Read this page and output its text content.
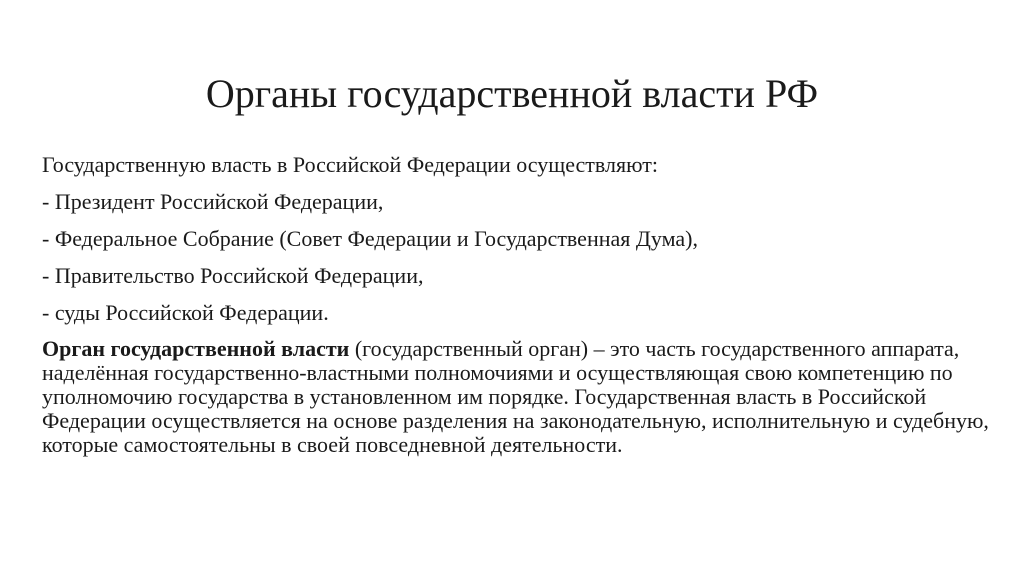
Органы государственной власти РФ
Государственную власть в Российской Федерации осуществляют:
- Президент Российской Федерации,
- Федеральное Собрание (Совет Федерации и Государственная Дума),
- Правительство Российской Федерации,
- суды Российской Федерации.

Орган государственной власти (государственный орган) – это часть государственного аппарата, наделённая государственно-властными полномочиями и осуществляющая свою компетенцию по уполномочию государства в установленном им порядке. Государственная власть в Российской Федерации осуществляется на основе разделения на законодательную, исполнительную и судебную, которые самостоятельны в своей повседневной деятельности.
